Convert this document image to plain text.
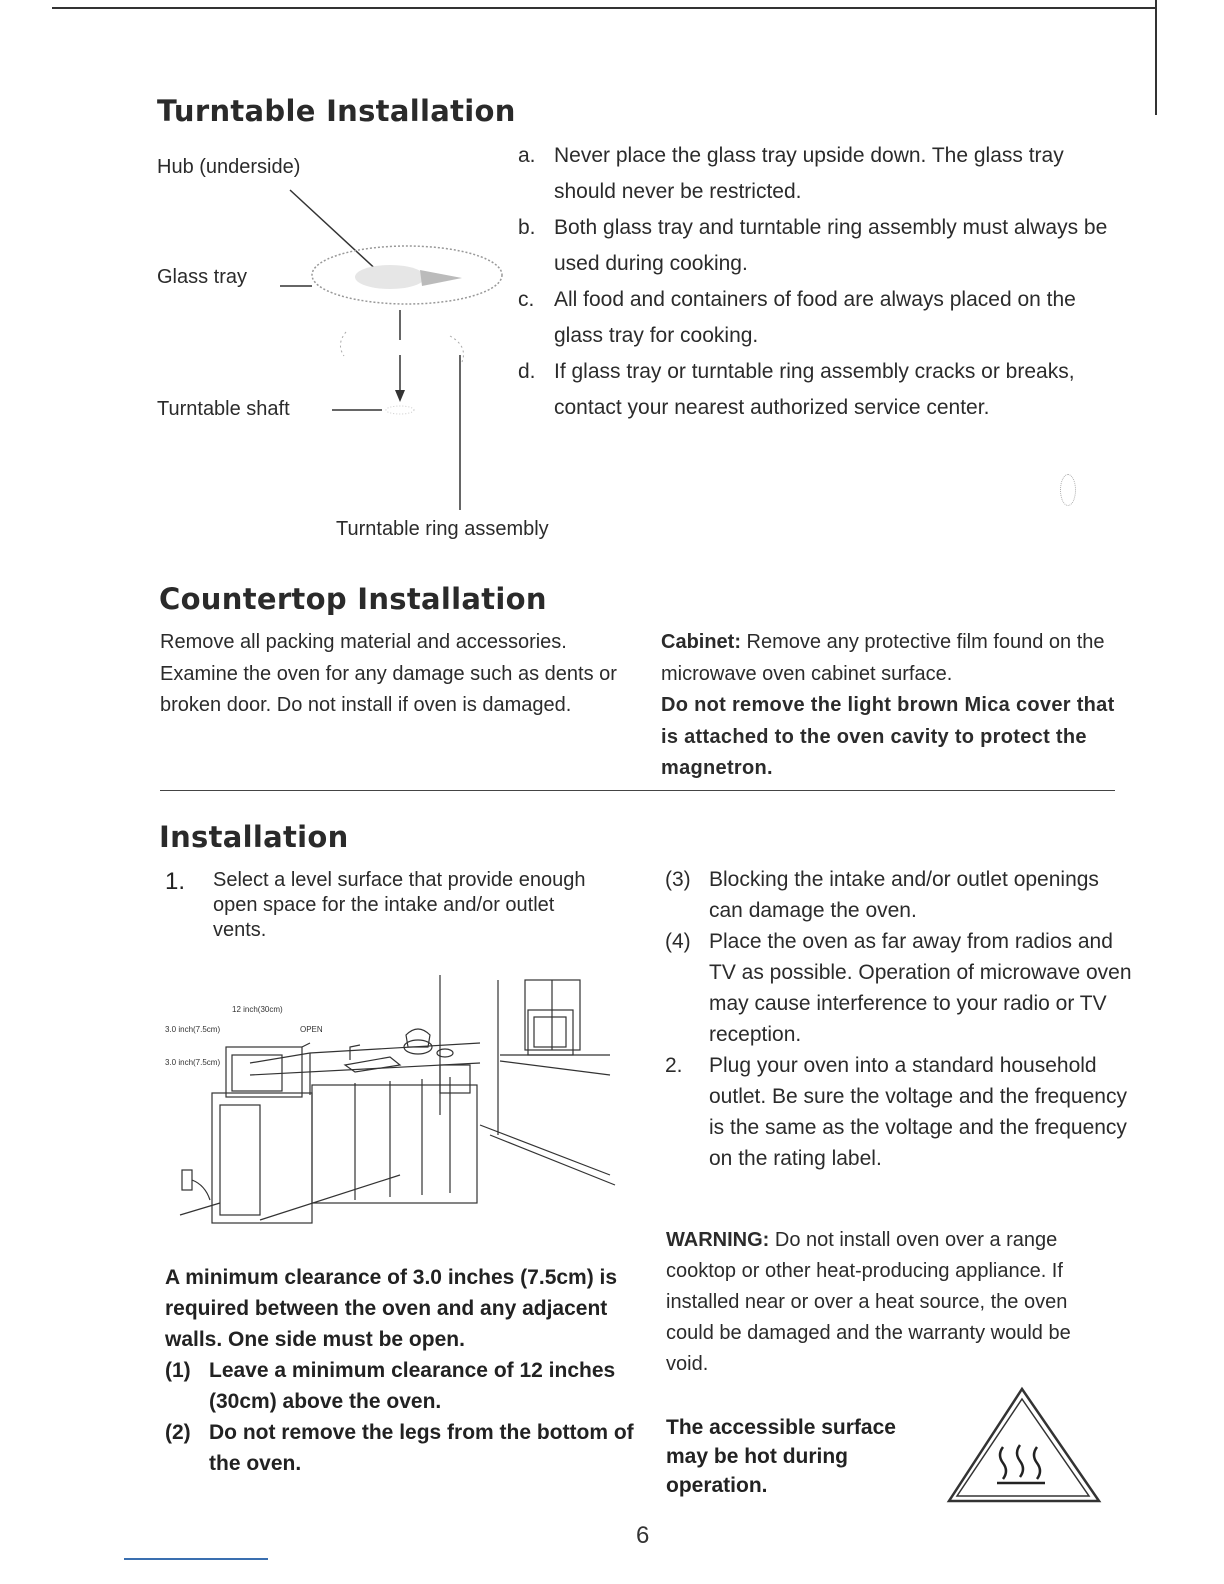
Turntable Installation
Hub (underside)
Glass tray
Turntable shaft
Turntable ring assembly
a. Never place the glass tray upside down. The glass tray should never be restricted.
b. Both glass tray and turntable ring assembly must always be used during cooking.
c. All food and containers of food are always placed on the glass tray for cooking.
d. If glass tray or turntable ring assembly cracks or breaks, contact your nearest authorized service center.
Countertop Installation
Remove all packing material and accessories. Examine the oven for any damage such as dents or broken door. Do not install if oven is damaged.
Cabinet: Remove any protective film found on the microwave oven cabinet surface.
Do not remove the light brown Mica cover that is attached to the oven cavity to protect the magnetron.
Installation
1. Select a level surface that provide enough open space for the intake and/or outlet vents.
12 inch(30cm)
3.0 inch(7.5cm)	OPEN
3.0 inch(7.5cm)
A minimum clearance of 3.0 inches (7.5cm) is required between the oven and any adjacent walls. One side must be open.
(1) Leave a minimum clearance of 12 inches (30cm) above the oven.
(2) Do not remove the legs from the bottom of the oven.
(3) Blocking the intake and/or outlet openings can damage the oven.
(4) Place the oven as far away from radios and TV as possible. Operation of microwave oven may cause interference to your radio or TV reception.
2. Plug your oven into a standard household outlet. Be sure the voltage and the frequency is the same as the voltage and the frequency on the rating label.
WARNING: Do not install oven over a range cooktop or other heat-producing appliance. If installed near or over a heat source, the oven could be damaged and the warranty would be void.
The accessible surface may be hot during operation.
6
